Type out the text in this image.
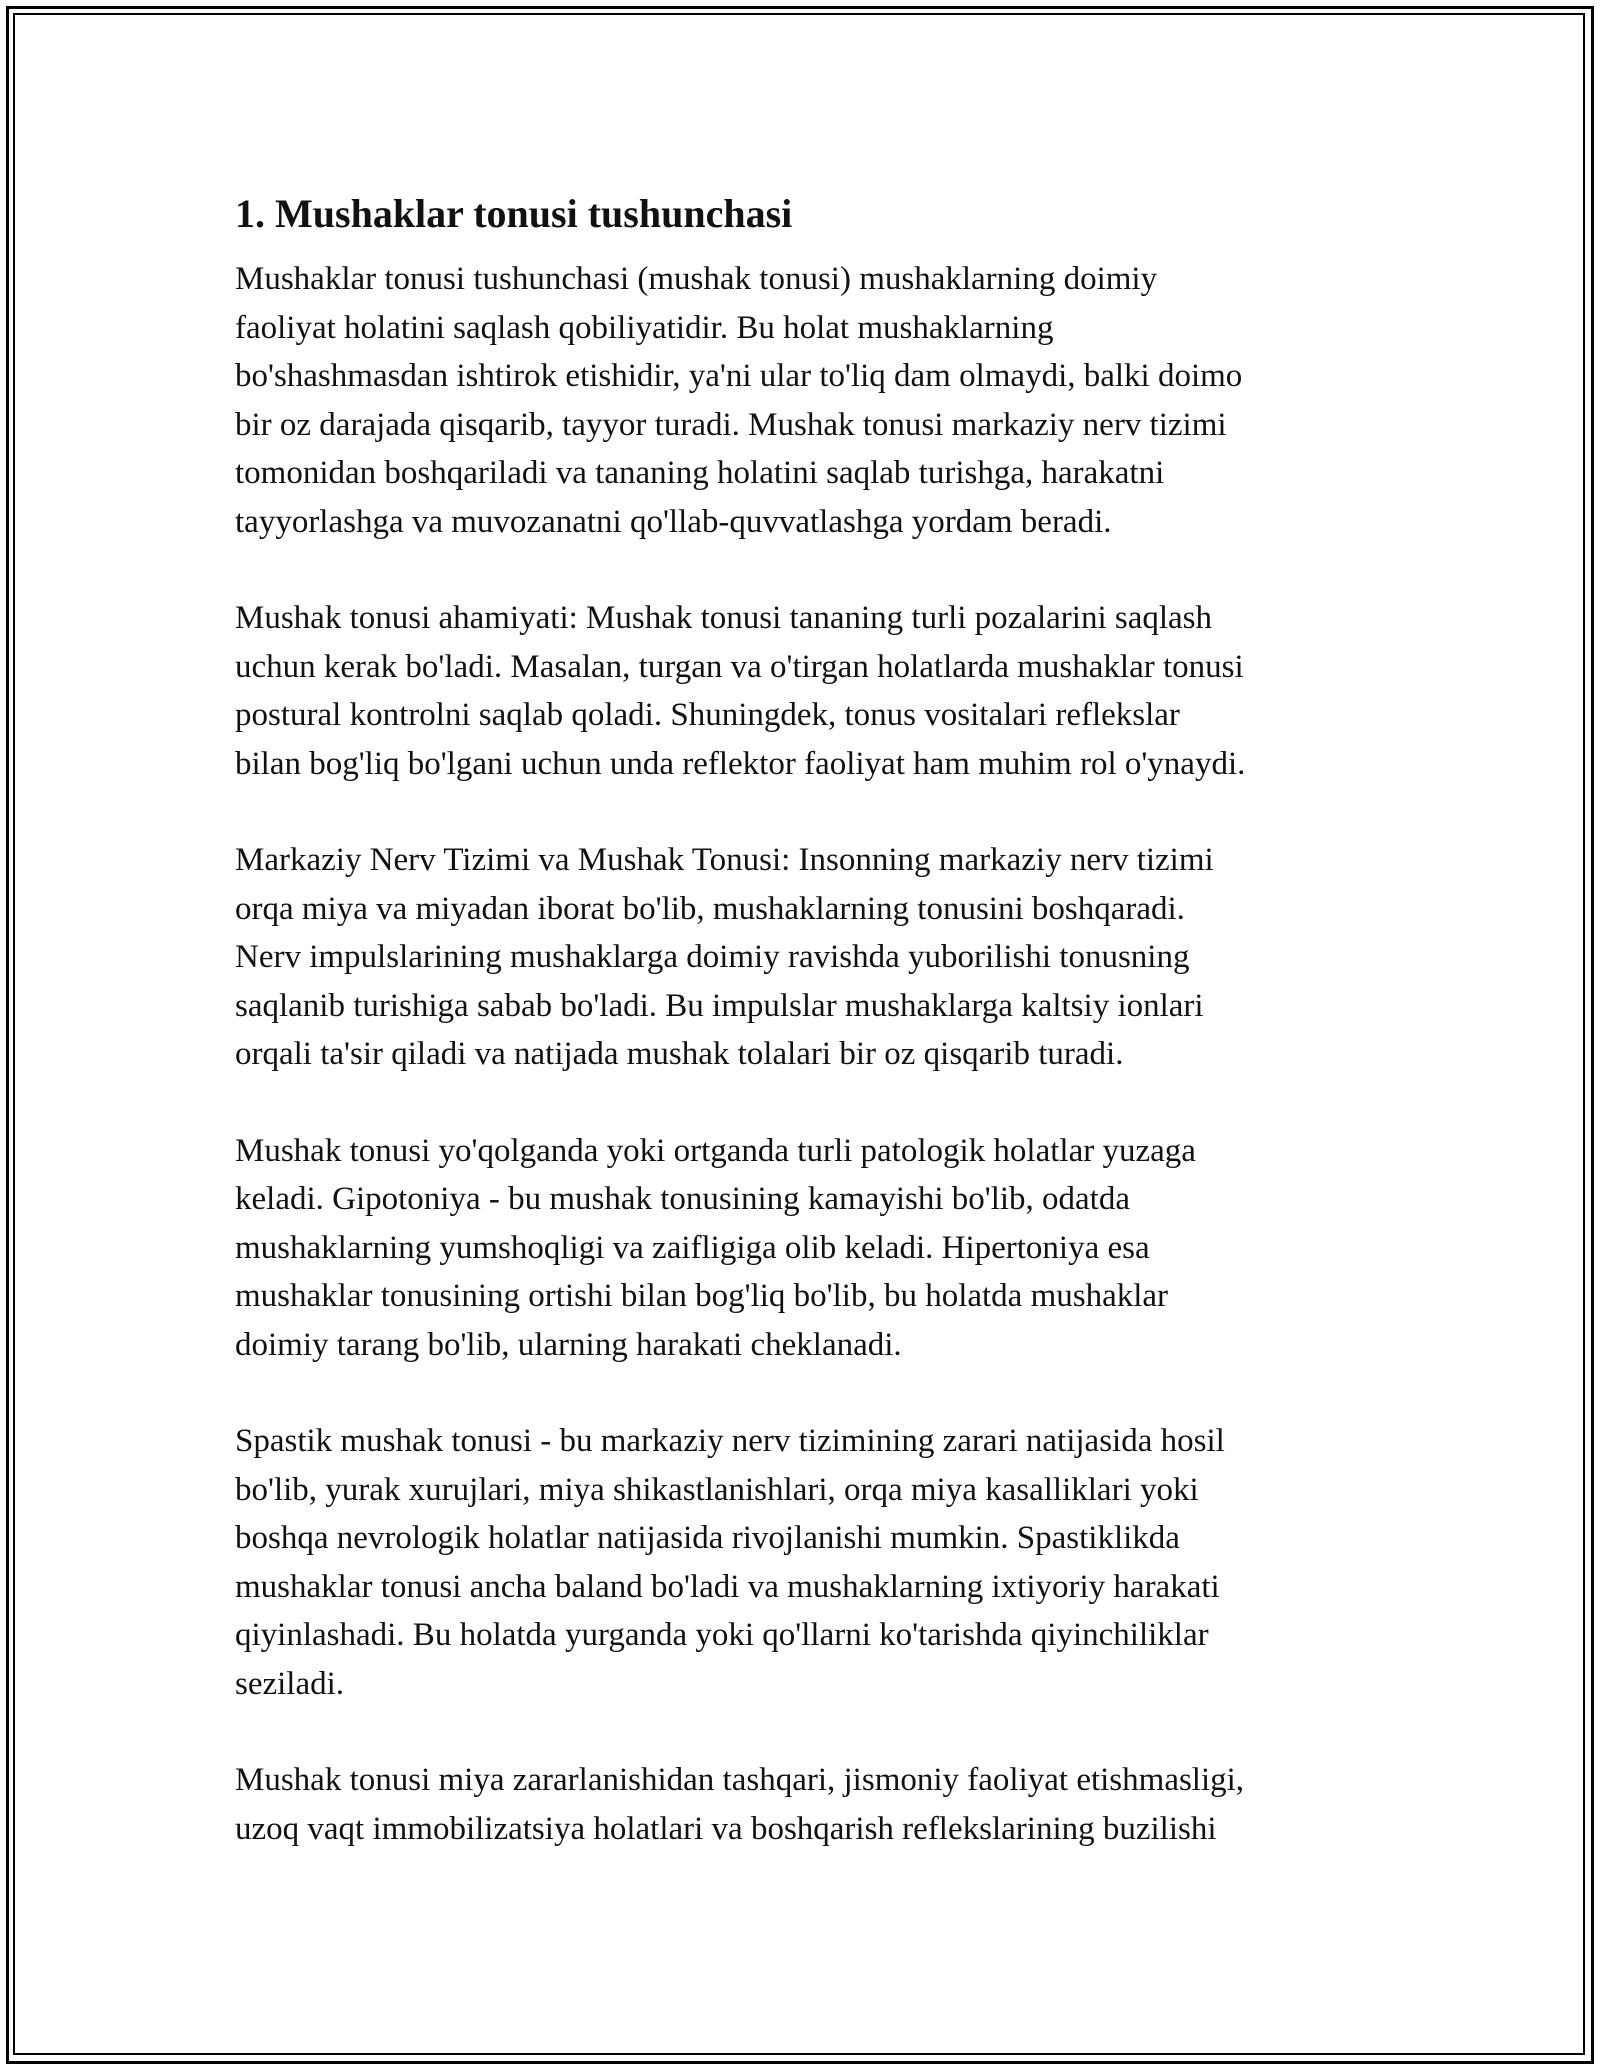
1. Mushaklar tonusi tushunchasi
Mushaklar tonusi tushunchasi (mushak tonusi) mushaklarning doimiy
faoliyat holatini saqlash qobiliyatidir. Bu holat mushaklarning
bo'shashmasdan ishtirok etishidir, ya'ni ular to'liq dam olmaydi, balki doimo
bir oz darajada qisqarib, tayyor turadi. Mushak tonusi markaziy nerv tizimi
tomonidan boshqariladi va tananing holatini saqlab turishga, harakatni
tayyorlashga va muvozanatni qo'llab-quvvatlashga yordam beradi.
Mushak tonusi ahamiyati: Mushak tonusi tananing turli pozalarini saqlash
uchun kerak bo'ladi. Masalan, turgan va o'tirgan holatlarda mushaklar tonusi
postural kontrolni saqlab qoladi. Shuningdek, tonus vositalari reflekslar
bilan bog'liq bo'lgani uchun unda reflektor faoliyat ham muhim rol o'ynaydi.
Markaziy Nerv Tizimi va Mushak Tonusi: Insonning markaziy nerv tizimi
orqa miya va miyadan iborat bo'lib, mushaklarning tonusini boshqaradi.
Nerv impulslarining mushaklarga doimiy ravishda yuborilishi tonusning
saqlanib turishiga sabab bo'ladi. Bu impulslar mushaklarga kaltsiy ionlari
orqali ta'sir qiladi va natijada mushak tolalari bir oz qisqarib turadi.
Mushak tonusi yo'qolganda yoki ortganda turli patologik holatlar yuzaga
keladi. Gipotoniya - bu mushak tonusining kamayishi bo'lib, odatda
mushaklarning yumshoqligi va zaifligiga olib keladi. Hipertoniya esa
mushaklar tonusining ortishi bilan bog'liq bo'lib, bu holatda mushaklar
doimiy tarang bo'lib, ularning harakati cheklanadi.
Spastik mushak tonusi - bu markaziy nerv tizimining zarari natijasida hosil
bo'lib, yurak xurujlari, miya shikastlanishlari, orqa miya kasalliklari yoki
boshqa nevrologik holatlar natijasida rivojlanishi mumkin. Spastiklikda
mushaklar tonusi ancha baland bo'ladi va mushaklarning ixtiyoriy harakati
qiyinlashadi. Bu holatda yurganda yoki qo'llarni ko'tarishda qiyinchiliklar
seziladi.
Mushak tonusi miya zararlanishidan tashqari, jismoniy faoliyat etishmasligi,
uzoq vaqt immobilizatsiya holatlari va boshqarish reflekslarining buzilishi
